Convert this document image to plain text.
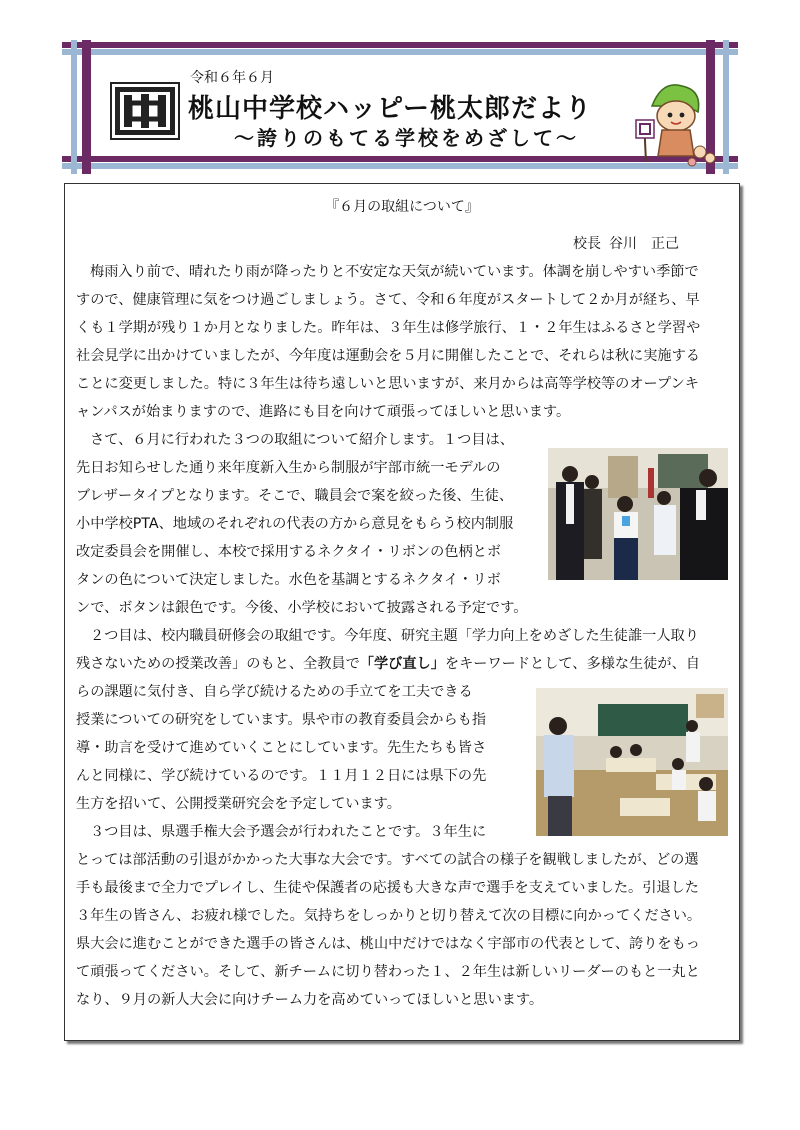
令和６年６月
桃山中学校ハッピー桃太郎だより
～誇りのもてる学校をめざして～
『６月の取組について』
校長 谷川 正己
梅雨入り前で、晴れたり雨が降ったりと不安定な天気が続いています。体調を崩しやすい季節で
すので、健康管理に気をつけ過ごしましょう。さて、令和６年度がスタートして２か月が経ち、早
くも１学期が残り１か月となりました。昨年は、３年生は修学旅行、１・２年生はふるさと学習や
社会見学に出かけていましたが、今年度は運動会を５月に開催したことで、それらは秋に実施する
ことに変更しました。特に３年生は待ち遠しいと思いますが、来月からは高等学校等のオープンキ
ャンパスが始まりますので、進路にも目を向けて頑張ってほしいと思います。
さて、６月に行われた３つの取組について紹介します。１つ目は、
先日お知らせした通り来年度新入生から制服が宇部市統一モデルの
ブレザータイプとなります。そこで、職員会で案を絞った後、生徒、
小中学校PTA、地域のそれぞれの代表の方から意見をもらう校内制服
改定委員会を開催し、本校で採用するネクタイ・リボンの色柄とボ
タンの色について決定しました。水色を基調とするネクタイ・リボ
ンで、ボタンは銀色です。今後、小学校において披露される予定です。
２つ目は、校内職員研修会の取組です。今年度、研究主題「学力向上をめざした生徒誰一人取り
残さないための授業改善」のもと、全教員で「学び直し」をキーワードとして、多様な生徒が、自
らの課題に気付き、自ら学び続けるための手立てを工夫できる
授業についての研究をしています。県や市の教育委員会からも指
導・助言を受けて進めていくことにしています。先生たちも皆さ
んと同様に、学び続けているのです。１１月１２日には県下の先
生方を招いて、公開授業研究会を予定しています。
３つ目は、県選手権大会予選会が行われたことです。３年生に
とっては部活動の引退がかかった大事な大会です。すべての試合の様子を観戦しましたが、どの選
手も最後まで全力でプレイし、生徒や保護者の応援も大きな声で選手を支えていました。引退した
３年生の皆さん、お疲れ様でした。気持ちをしっかりと切り替えて次の目標に向かってください。
県大会に進むことができた選手の皆さんは、桃山中だけではなく宇部市の代表として、誇りをもっ
て頑張ってください。そして、新チームに切り替わった１、２年生は新しいリーダーのもと一丸と
なり、９月の新人大会に向けチーム力を高めていってほしいと思います。
